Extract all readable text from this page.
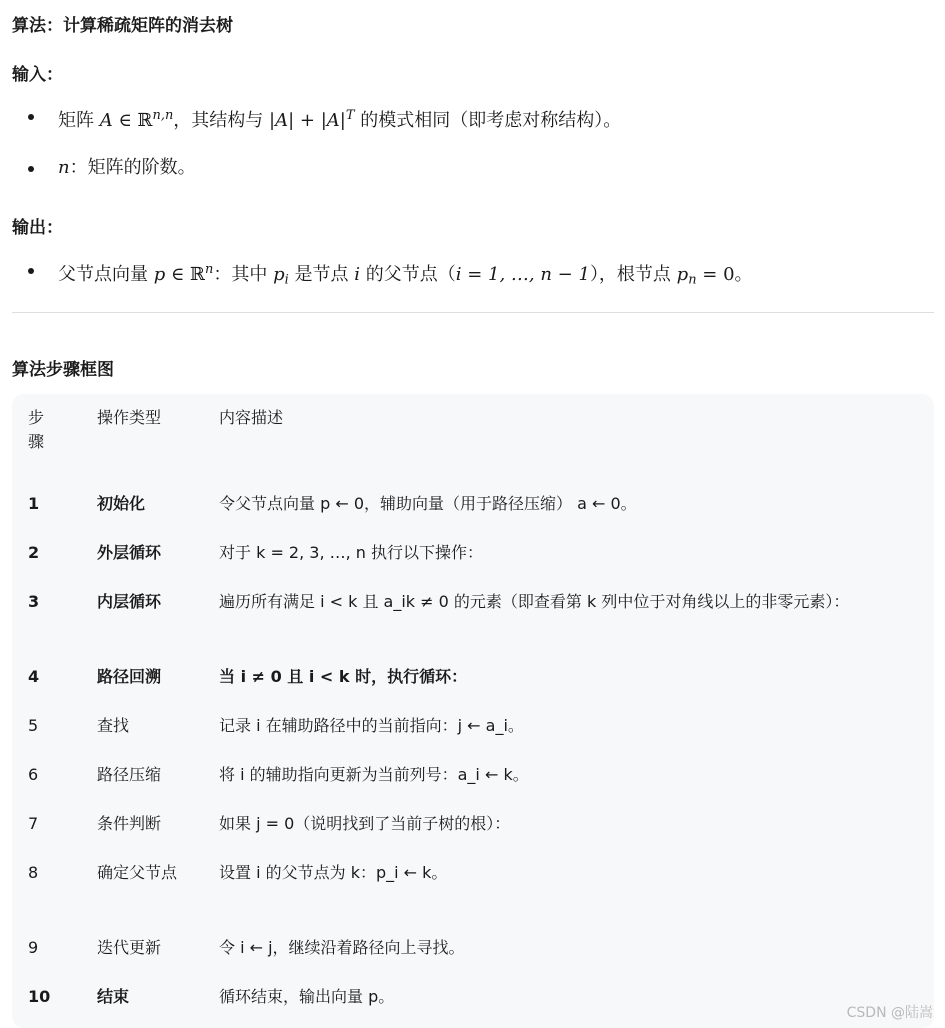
算法：计算稀疏矩阵的消去树
输入：
矩阵 A ∈ ℝ$^{n,n}$，其结构与 $|A| + |A|^T$ 的模式相同（即考虑对称结构）。
n：矩阵的阶数。
输出：
父节点向量 p ∈ ℝ$^n$：其中 $p_i$ 是节点 i 的父节点（i = 1, …, n − 1），根节点 $p_n = 0$。
算法步骤框图
步
骤	操作类型	内容描述
1	初始化	令父节点向量 p ← 0，辅助向量（用于路径压缩） a ← 0。
2	外层循环	对于 k = 2, 3, …, n 执行以下操作：
3	内层循环	遍历所有满足 i < k 且 a_ik ≠ 0 的元素（即查看第 k 列中位于对角线以上的非零元素）：
4	路径回溯	当 i ≠ 0 且 i < k 时，执行循环：
5	查找	记录 i 在辅助路径中的当前指向：j ← a_i。
6	路径压缩	将 i 的辅助指向更新为当前列号：a_i ← k。
7	条件判断	如果 j = 0（说明找到了当前子树的根）：
8	确定父节点	设置 i 的父节点为 k：p_i ← k。
9	迭代更新	令 i ← j，继续沿着路径向上寻找。
10	结束	循环结束，输出向量 p。
CSDN @陆嵩
